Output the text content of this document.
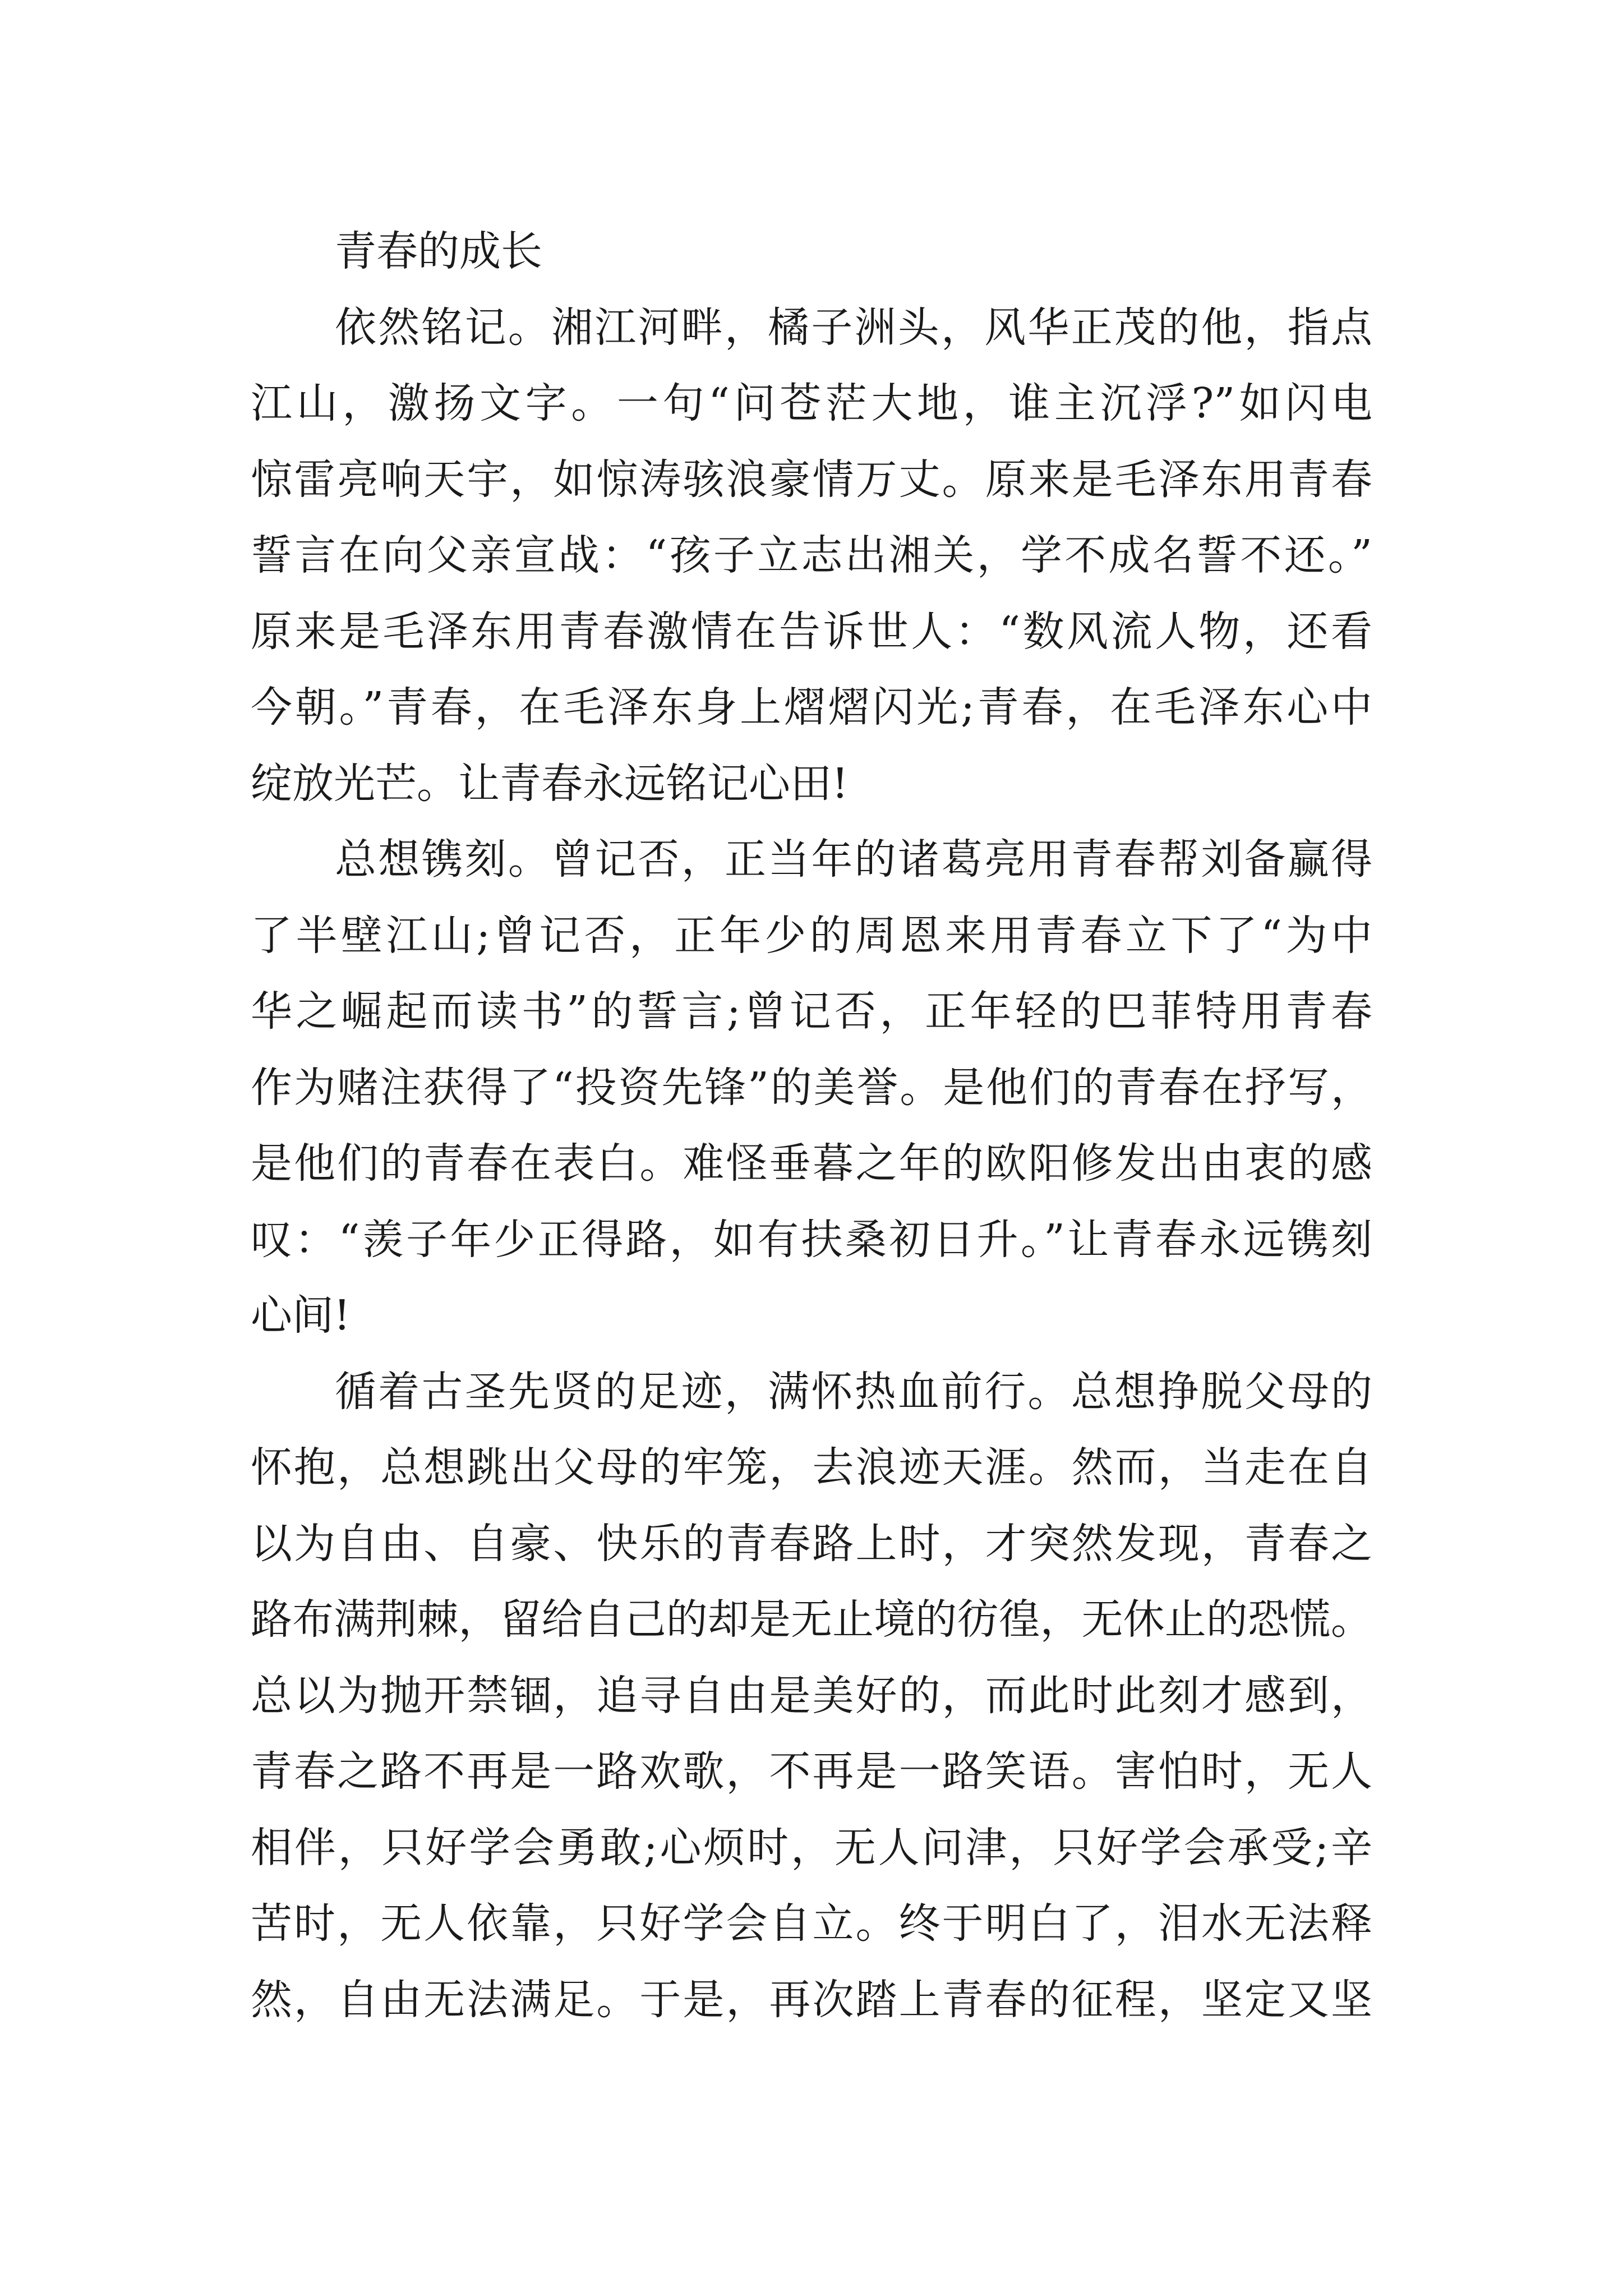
青春的成长
依然铭记。湘江河畔，橘子洲头，风华正茂的他，指点
江山，激扬文字。一句“问苍茫大地，谁主沉浮?”如闪电
惊雷亮响天宇，如惊涛骇浪豪情万丈。原来是毛泽东用青春
誓言在向父亲宣战：“孩子立志出湘关，学不成名誓不还。”
原来是毛泽东用青春激情在告诉世人：“数风流人物，还看
今朝。”青春，在毛泽东身上熠熠闪光;青春，在毛泽东心中
绽放光芒。让青春永远铭记心田!
总想镌刻。曾记否，正当年的诸葛亮用青春帮刘备赢得
了半壁江山;曾记否，正年少的周恩来用青春立下了“为中
华之崛起而读书”的誓言;曾记否，正年轻的巴菲特用青春
作为赌注获得了“投资先锋”的美誉。是他们的青春在抒写，
是他们的青春在表白。难怪垂暮之年的欧阳修发出由衷的感
叹：“羡子年少正得路，如有扶桑初日升。”让青春永远镌刻
心间!
循着古圣先贤的足迹，满怀热血前行。总想挣脱父母的
怀抱，总想跳出父母的牢笼，去浪迹天涯。然而，当走在自
以为自由、自豪、快乐的青春路上时，才突然发现，青春之
路布满荆棘，留给自己的却是无止境的彷徨，无休止的恐慌。
总以为抛开禁锢，追寻自由是美好的，而此时此刻才感到，
青春之路不再是一路欢歌，不再是一路笑语。害怕时，无人
相伴，只好学会勇敢;心烦时，无人问津，只好学会承受;辛
苦时，无人依靠，只好学会自立。终于明白了，泪水无法释
然，自由无法满足。于是，再次踏上青春的征程，坚定又坚
